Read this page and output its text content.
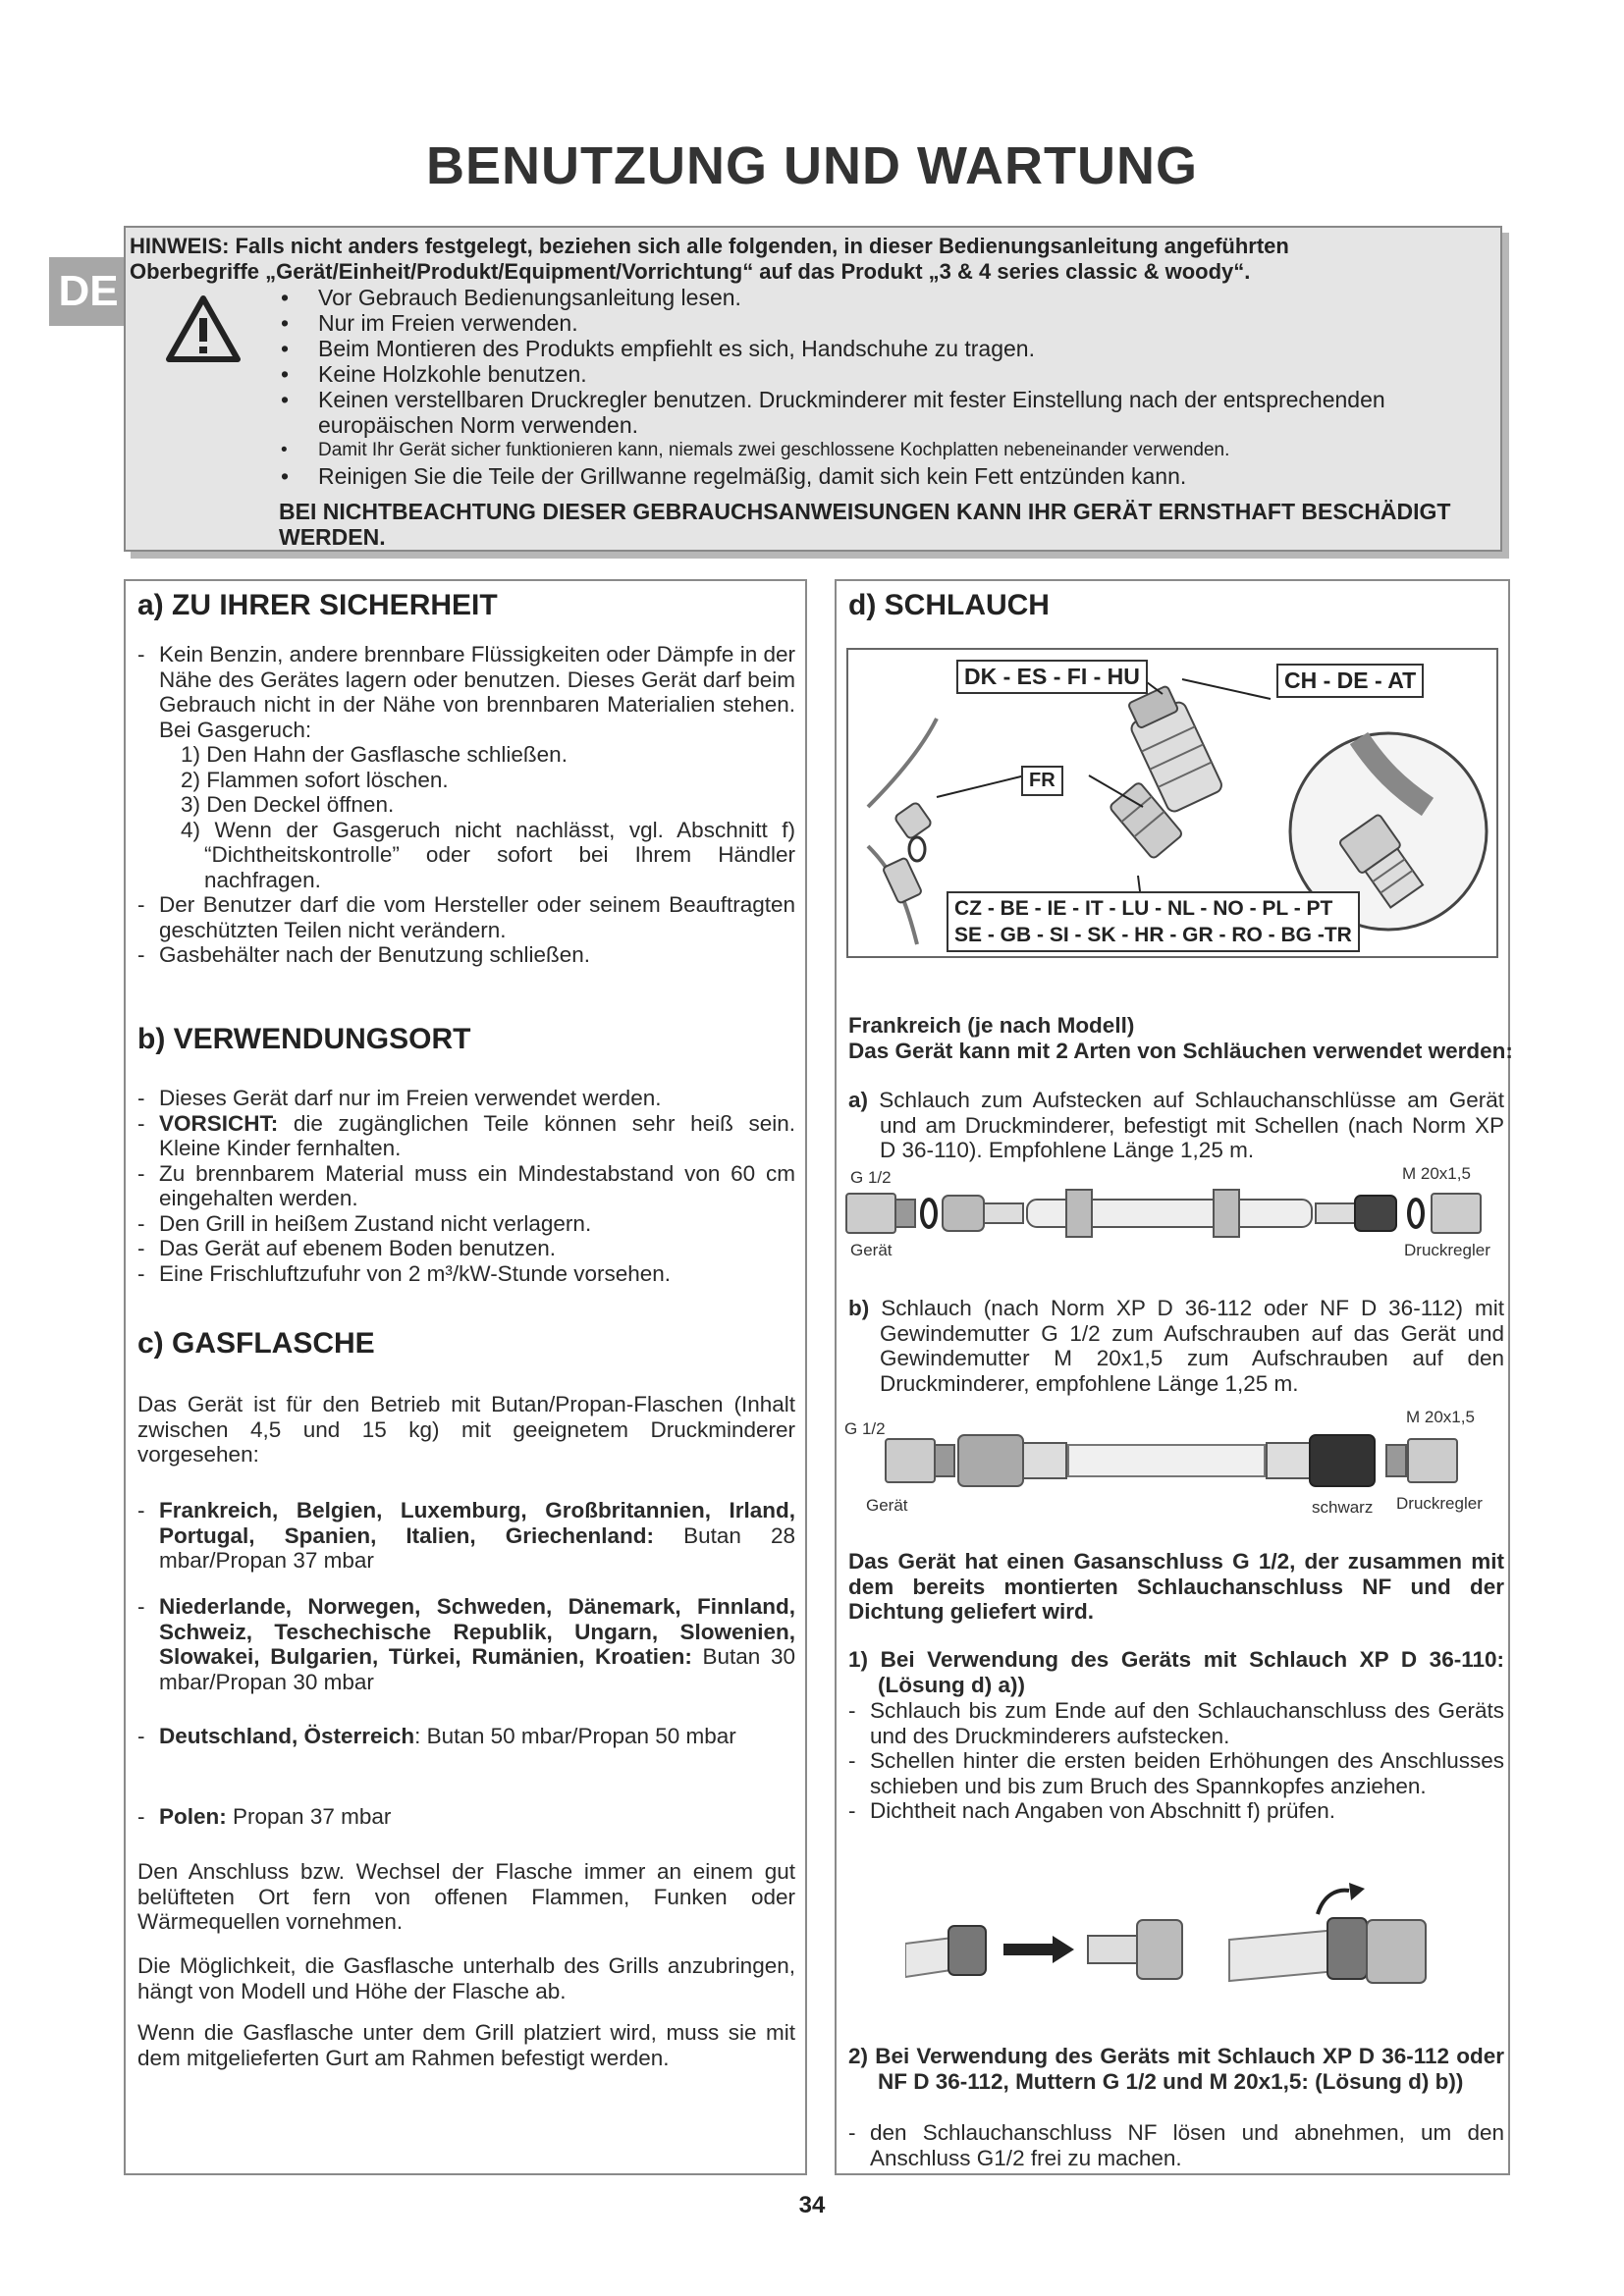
BENUTZUNG UND WARTUNG
DE
HINWEIS: Falls nicht anders festgelegt, beziehen sich alle folgenden, in dieser Bedienungsanleitung angeführten
Oberbegriffe „Gerät/Einheit/Produkt/Equipment/Vorrichtung“ auf das Produkt „3 & 4 series classic & woody“.
• Vor Gebrauch Bedienungsanleitung lesen.
• Nur im Freien verwenden.
• Beim Montieren des Produkts empfiehlt es sich, Handschuhe zu tragen.
• Keine Holzkohle benutzen.
• Keinen verstellbaren Druckregler benutzen. Druckminderer mit fester Einstellung nach der entsprechenden europäischen Norm verwenden.
• Damit Ihr Gerät sicher funktionieren kann, niemals zwei geschlossene Kochplatten nebeneinander verwenden.
• Reinigen Sie die Teile der Grillwanne regelmäßig, damit sich kein Fett entzünden kann.
BEI NICHTBEACHTUNG DIESER GEBRAUCHSANWEISUNGEN KANN IHR GERÄT ERNSTHAFT BESCHÄDIGT WERDEN.
a) ZU IHRER SICHERHEIT
- Kein Benzin, andere brennbare Flüssigkeiten oder Dämpfe in der Nähe des Gerätes lagern oder benutzen. Dieses Gerät darf beim Gebrauch nicht in der Nähe von brennbaren Materialien stehen. Bei Gasgeruch:
1) Den Hahn der Gasflasche schließen.
2) Flammen sofort löschen.
3) Den Deckel öffnen.
4) Wenn der Gasgeruch nicht nachlässt, vgl. Abschnitt f) “Dichtheitskontrolle” oder sofort bei Ihrem Händler nachfragen.
- Der Benutzer darf die vom Hersteller oder seinem Beauftragten geschützten Teilen nicht verändern.
- Gasbehälter nach der Benutzung schließen.
b) VERWENDUNGSORT
- Dieses Gerät darf nur im Freien verwendet werden.
- VORSICHT: die zugänglichen Teile können sehr heiß sein. Kleine Kinder fernhalten.
- Zu brennbarem Material muss ein Mindestabstand von 60 cm eingehalten werden.
- Den Grill in heißem Zustand nicht verlagern.
- Das Gerät auf ebenem Boden benutzen.
- Eine Frischluftzufuhr von 2 m³/kW-Stunde vorsehen.
c) GASFLASCHE
Das Gerät ist für den Betrieb mit Butan/Propan-Flaschen (Inhalt zwischen 4,5 und 15 kg) mit geeignetem Druckminderer vorgesehen:
- Frankreich, Belgien, Luxemburg, Großbritannien, Irland, Portugal, Spanien, Italien, Griechenland: Butan 28 mbar/Propan 37 mbar
- Niederlande, Norwegen, Schweden, Dänemark, Finnland, Schweiz, Teschechische Republik, Ungarn, Slowenien, Slowakei, Bulgarien, Türkei, Rumänien, Kroatien: Butan 30 mbar/Propan 30 mbar
- Deutschland, Österreich: Butan 50 mbar/Propan 50 mbar
- Polen: Propan 37 mbar
Den Anschluss bzw. Wechsel der Flasche immer an einem gut belüfteten Ort fern von offenen Flammen, Funken oder Wärmequellen vornehmen.
Die Möglichkeit, die Gasflasche unterhalb des Grills anzubringen, hängt von Modell und Höhe der Flasche ab.
Wenn die Gasflasche unter dem Grill platziert wird, muss sie mit dem mitgelieferten Gurt am Rahmen befestigt werden.
d) SCHLAUCH
DK - ES - FI - HU	CH - DE - AT
FR
CZ - BE - IE - IT - LU - NL - NO - PL - PT
SE - GB - SI - SK - HR - GR - RO - BG -TR
Frankreich (je nach Modell)
Das Gerät kann mit 2 Arten von Schläuchen verwendet werden:
a) Schlauch zum Aufstecken auf Schlauchanschlüsse am Gerät und am Druckminderer, befestigt mit Schellen (nach Norm XP D 36-110). Empfohlene Länge 1,25 m.
G 1/2	M 20x1,5
Gerät	Druckregler
b) Schlauch (nach Norm XP D 36-112 oder NF D 36-112) mit Gewindemutter G 1/2 zum Aufschrauben auf das Gerät und Gewindemutter M 20x1,5 zum Aufschrauben auf den Druckminderer, empfohlene Länge 1,25 m.
G 1/2
M 20x1,5
Gerät	schwarz Druckregler
Das Gerät hat einen Gasanschluss G 1/2, der zusammen mit dem bereits montierten Schlauchanschluss NF und der Dichtung geliefert wird.
1) Bei Verwendung des Geräts mit Schlauch XP D 36-110: (Lösung d) a))
- Schlauch bis zum Ende auf den Schlauchanschluss des Geräts und des Druckminderers aufstecken.
- Schellen hinter die ersten beiden Erhöhungen des Anschlusses schieben und bis zum Bruch des Spannkopfes anziehen.
- Dichtheit nach Angaben von Abschnitt f) prüfen.
2) Bei Verwendung des Geräts mit Schlauch XP D 36-112 oder NF D 36-112, Muttern G 1/2 und M 20x1,5: (Lösung d) b))
- den Schlauchanschluss NF lösen und abnehmen, um den Anschluss G1/2 frei zu machen.
34
